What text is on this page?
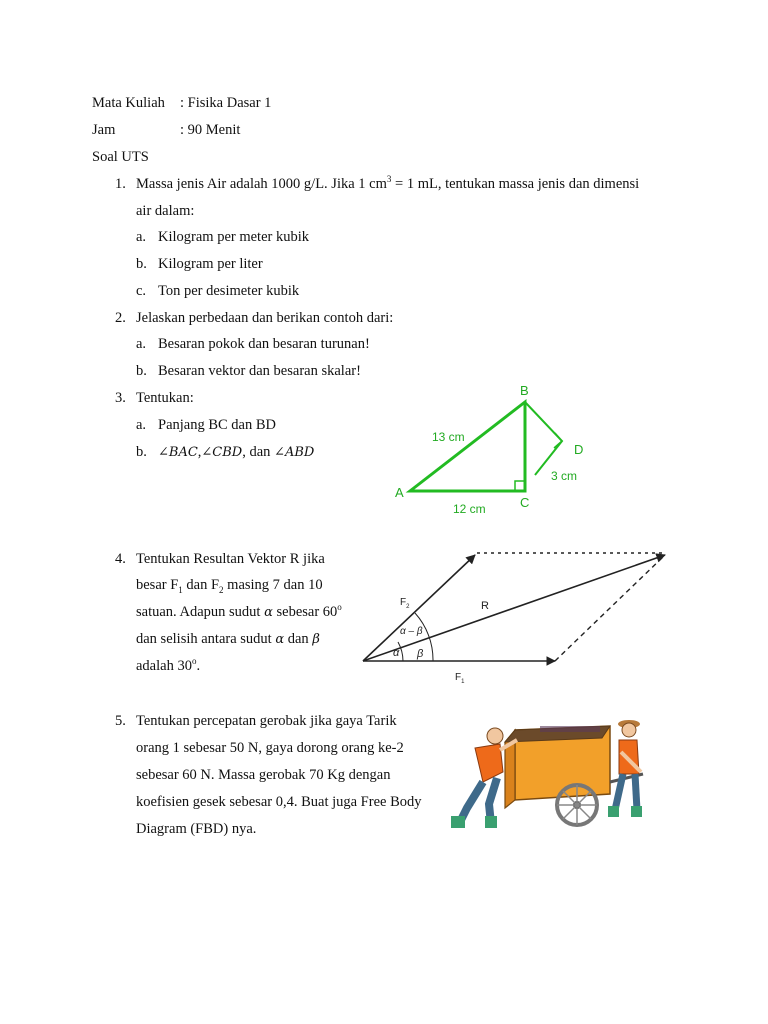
Mata Kuliah : Fisika Dasar 1
Jam	: 90 Menit
Soal UTS
1. Massa jenis Air adalah 1000 g/L. Jika 1 $cm^3 = 1$ mL, tentukan massa jenis dan dimensi
air dalam:
a. Kilogram per meter kubik
b. Kilogram per liter
c. Ton per desimeter kubik
2. Jelaskan perbedaan dan berikan contoh dari:
a. Besaran pokok dan besaran turunan!
b. Besaran vektor dan besaran skalar!
3. Tentukan:
a. Panjang BC dan BD
b. ∠BAC,∠CBD, dan ∠ABD
A
B
C
D
13 cm
12 cm
3 cm
4. Tentukan Resultan Vektor R jika
besar $F_1$ dan $F_2$ masing 7 dan 10
satuan. Adapun sudut α sebesar 60$^o$
dan selisih antara sudut α dan β
adalah 30$^o$.
$F_1$
$F_2$	R
α β
α – β
5. Tentukan percepatan gerobak jika gaya Tarik
orang 1 sebesar 50 N, gaya dorong orang ke-2
sebesar 60 N. Massa gerobak 70 Kg dengan
koefisien gesek sebesar 0,4. Buat juga Free Body
Diagram (FBD) nya.
